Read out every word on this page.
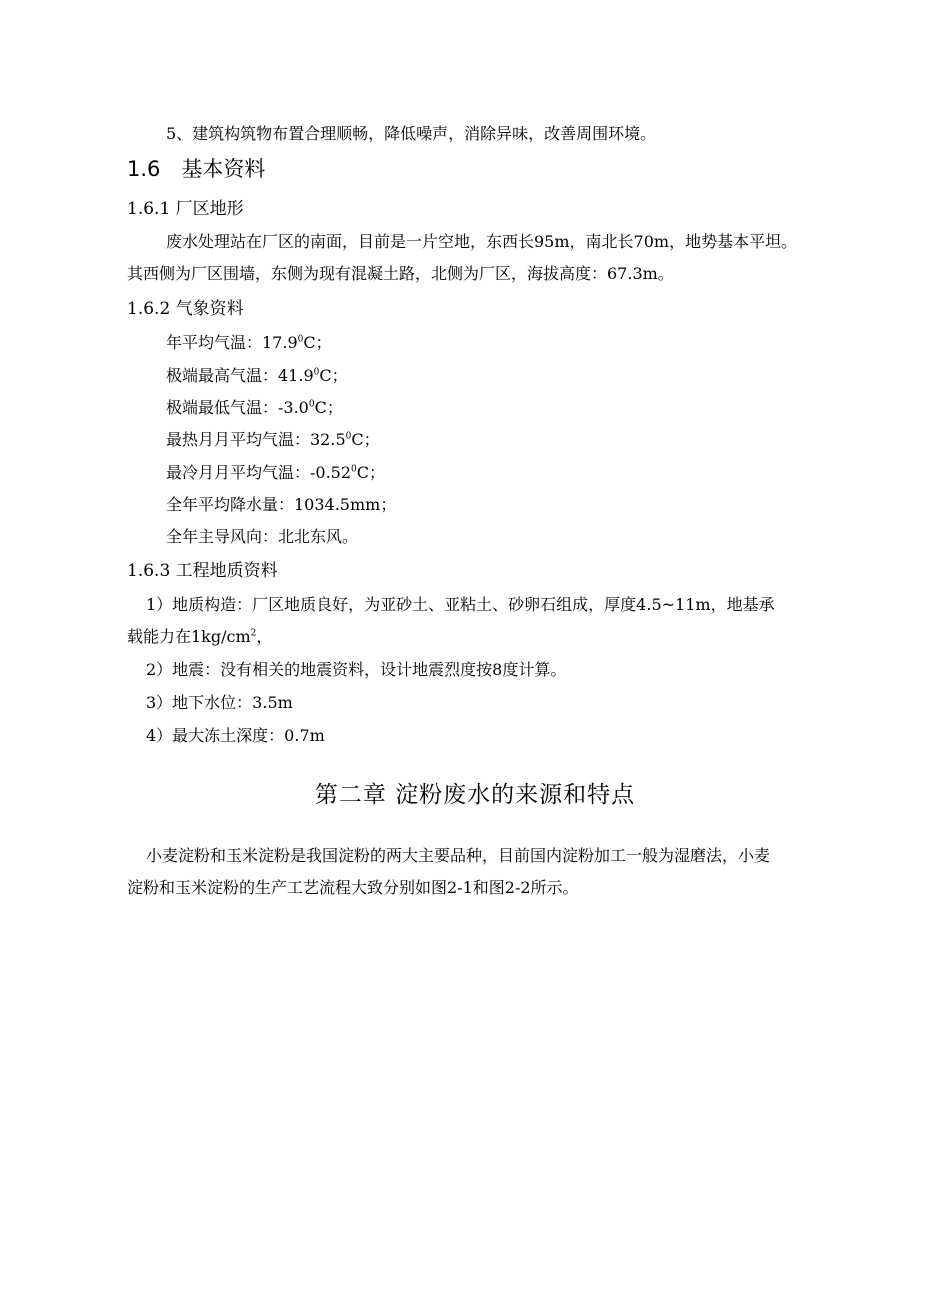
5、建筑构筑物布置合理顺畅，降低噪声，消除异味，改善周围环境。

1.6　基本资料
1.6.1 厂区地形

废水处理站在厂区的南面，目前是一片空地，东西长95m，南北长70m，地势基本平坦。

其西侧为厂区围墙，东侧为现有混凝土路，北侧为厂区，海拔高度：67.3m。

1.6.2 气象资料

年平均气温：17.9$^0$C；

极端最高气温：41.9$^0$C；

极端最低气温：$-3.0^0C$；

最热月月平均气温：32.5$^0$C；

最冷月月平均气温：-0.52$^0$C；

全年平均降水量：1034.5mm；

全年主导风向：北北东风。

1.6.3 工程地质资料

1）地质构造：厂区地质良好，为亚砂土、亚粘土、砂卵石组成，厚度4.5~11m，地基承

载能力在$1kg/cm^2$，

2）地震：没有相关的地震资料，设计地震烈度按8度计算。

3）地下水位：3.5m

4）最大冻土深度：0.7m

第二章 淀粉废水的来源和特点

小麦淀粉和玉米淀粉是我国淀粉的两大主要品种，目前国内淀粉加工一般为湿磨法，小麦

淀粉和玉米淀粉的生产工艺流程大致分别如图2-1和图2-2所示。
